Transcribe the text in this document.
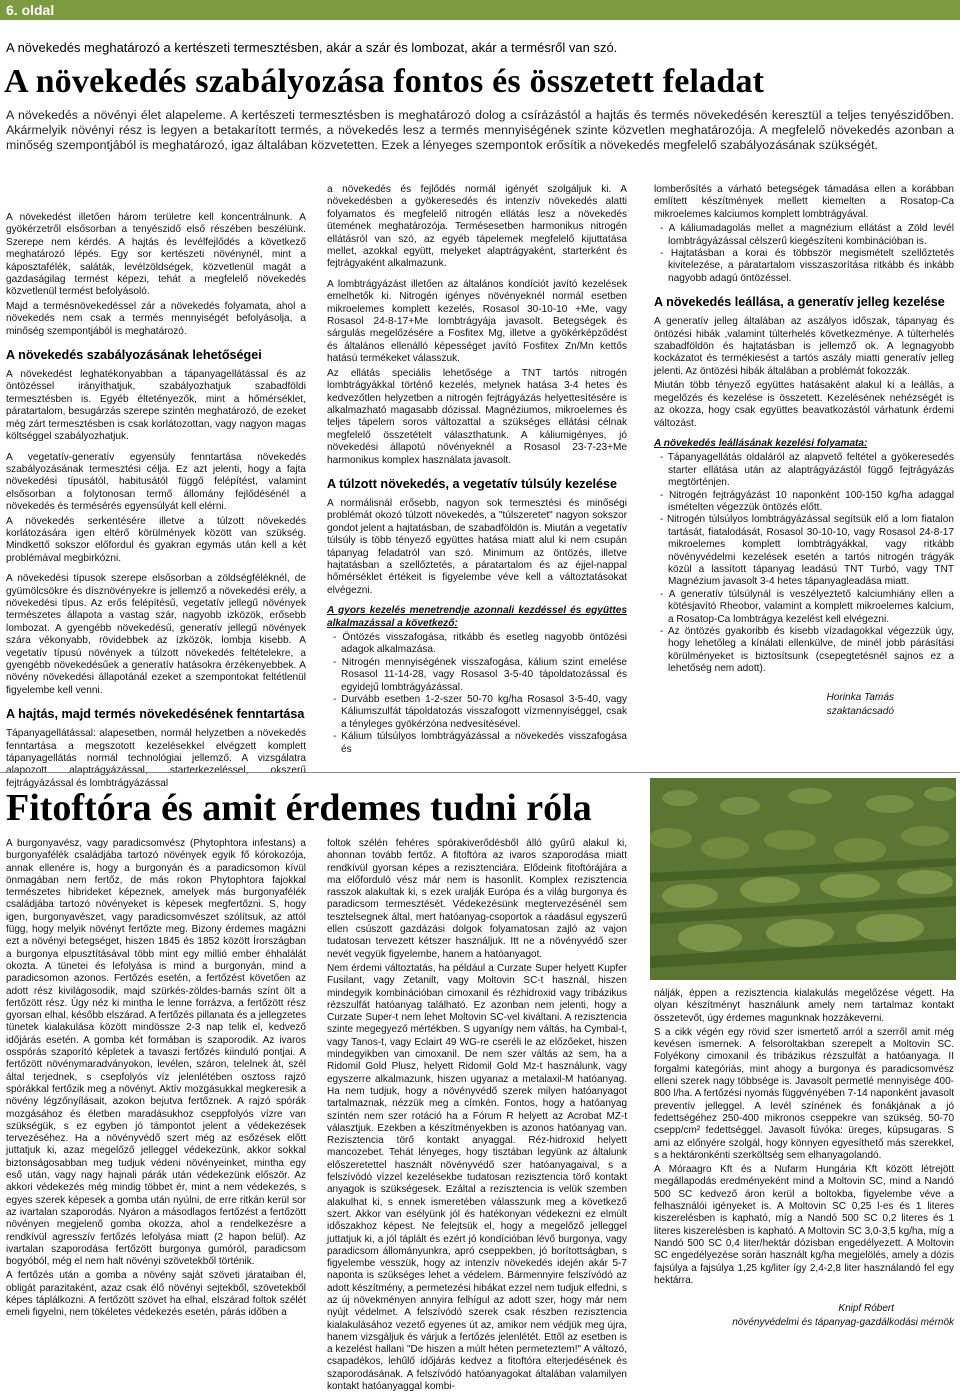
6. oldal
A növekedés meghatározó a kertészeti termesztésben, akár a szár és lombozat, akár a termésről van szó.
A növekedés szabályozása fontos és összetett feladat

A növekedés a növényi élet alapeleme. A kertészeti termesztésben is meghatározó dolog a csírázástól a hajtás és termés növekedésén keresztül a teljes tenyészidőben. Akármelyik növényi rész is legyen a betakarított termés, a növekedés lesz a termés mennyiségének szinte közvetlen meghatározója. A megfelelő növekedés azonban a minőség szempontjából is meghatározó, igaz általában közvetetten. Ezek a lényeges szempontok erősítik a növekedés megfelelő szabályozásának szükségét.

A növekedést illetően három területre kell koncentrálnunk. A gyökérzetről elsősorban a tenyészidő első részében beszélünk. Szerepe nem kérdés. A hajtás és levélfejlődés a következő meghatározó lépés. Egy sor kertészeti növénynél, mint a káposztafélék, saláták, levélzöldségek, közvetlenül magát a gazdaságilag termést képezi, tehát a megfelelő növekedés közvetlenül termést befolyásoló.

Majd a termésnövekedéssel zár a növekedés folyamata, ahol a növekedés nem csak a termés mennyiségét befolyásolja, a minőség szempontjából is meghatározó.

A növekedés szabályozásának lehetőségei

A növekedést leghatékonyabban a tápanyagellátással és az öntözéssel irányíthatjuk, szabályozhatjuk szabadföldi termesztésben is. Egyéb éltetényezők, mint a hőmérséklet, páratartalom, besugárzás szerepe szintén meghatározó, de ezeket még zárt termesztésben is csak korlátozottan, vagy nagyon magas költséggel szabályozhatjuk.

A vegetatív-generatív egyensúly fenntartása növekedés szabályozásának termesztési célja. Ez azt jelenti, hogy a fajta növekedési típusától, habitusától függő felépítést, valamint elsősorban a folytonosan termő állomány fejlődésénél a növekedés és termésérés egyensúlyát kell elérni.

A növekedés serkentésére illetve a túlzott növekedés korlátozására igen eltérő körülmények között van szükség. Mindkettő sokszor előfordul és gyakran egymás után kell a két problémával megbirkózni.

A növekedési típusok szerepe elsősorban a zöldségféléknél, de gyümölcsökre és dísznövényekre is jellemző a növekedési erély, a növekedési típus. Az erős felépítésű, vegetatív jellegű növények természetes állapota a vastag szár, nagyobb izközök, erősebb lombozat. A gyengébb növekedésű, generatív jellegű növények szára vékonyabb, rövidebbek az ízközök, lombja kisebb. A vegetatív típusú növények a túlzott növekedés feltételekre, a gyengébb növekedésűek a generatív hatásokra érzékenyebbek. A növény növekedési állapotánál ezeket a szempontokat feltétlenül figyelembe kell venni.

A hajtás, majd termés növekedésének fenntartása

Tápanyagellátással: alapesetben, normál helyzetben a növekedés fenntartása a megszotott kezelésekkel elvégzett komplett tápanyagellátás normál technológiai jellemző. A vizsgálatra alapozott alaptrágyázással, starterkezeléssel, okszerű fejtrágyázással és lombtrágyázással

a növekedés és fejlődés normál igényét szolgáljuk ki. A növekedésben a gyökeresedés és intenzív növekedés alatti folyamatos és megfelelő nitrogén ellátás lesz a növekedés ütemének meghatározója. Termésesetben harmonikus nitrogén ellátásról van szó, az egyéb tápelemek megfelelő kijuttatása mellet, azokkal együtt, melyeket alaptrágyaként, starterként és fejtrágyaként alkalmazunk.

A lombtrágyázást illetően az általános kondíciót javító kezelések emelhetők ki. Nitrogén igényes növényeknél normál esetben mikroelemes komplett kezelés, Rosasol 30-10-10 +Me, vagy Rosasol 24-8-17+Me lombtrágyája javasolt. Betegségek és sárgulás megelőzésére a Fosfitex Mg, illetve a gyökérképződést és általános ellenálló képességet javító Fosfitex Zn/Mn kettős hatású termékeket válasszuk.

Az ellátás speciális lehetősége a TNT tartós nitrogén lombtrágyákkal történő kezelés, melynek hatása 3-4 hetes és kedvezőtlen helyzetben a nitrogén fejtrágyázás helyettesítésére is alkalmazható magasabb dózissal. Magnéziumos, mikroelemes és teljes tápelem soros változattal a szükséges ellátási célnak megfelelő összetételt választhatunk. A káliumigényes, jó növekedési állapotú növényeknél a Rosasol 23-7-23+Me harmonikus komplex használata javasolt.

A túlzott növekedés, a vegetatív túlsúly kezelése

A normálisnál erősebb, nagyon sok termesztési és minőségi problémát okozó túlzott növekedés, a "túlszeretet" nagyon sokszor gondot jelent a hajtatásban, de szabadföldön is. Miután a vegetatív túlsúly is több tényező együttes hatása miatt alul ki nem csupán tápanyag feladatról van szó. Minimum az öntözés, illetve hajtatásban a szellőztetés, a páratartalom és az éjjel-nappal hőmérséklet értékeit is figyelembe véve kell a változtatásokat elvégezni.

A gyors kezelés menetrendje azonnali kezdéssel és együttes alkalmazással a következő:

- Öntözés visszafogása, ritkább és esetleg nagyobb öntözési adagok alkalmazása.
- Nitrogén mennyiségének visszafogása, kálium szint emelése Rosasol 11-14-28, vagy Rosasol 3-5-40 tápoldatozással és egyidejű lombtrágyázással.
- Durvább esetben 1-2-szer 50-70 kg/ha Rosasol 3-5-40, vagy Káliumszulfát tápoldatozás visszafogott vízmennyiséggel, csak a tényleges gyökérzóna nedvesítésével.
- Kálium túlsúlyos lombtrágyázással a növekedés visszafogása és

lomberősítés a várható betegségek támadása ellen a korábban említett készítmények mellett kiemelten a Rosatop-Ca mikroelemes kalciumos komplett lombtrágyával.

- A káliumadagolás mellet a magnézium ellátást a Zöld levél lombtrágyázással célszerű kiegészíteni kombinációban is.
- Hajtatásban a korai és többször megismételt szellőztetés kivitelezése, a páratartalom visszaszorítása ritkább és inkább nagyobb adagú öntözéssel.
A növekedés leállása, a generatív jelleg kezelése

A generatív jelleg általában az aszályos időszak, tápanyag és öntözési hibák ,valamint túlterhelés következménye. A túlterhelés szabadföldön és hajtatásban is jellemző ok. A legnagyobb kockázatot és termékiesést a tartós aszály miatti generatív jelleg jelenti. Az öntözési hibák általában a problémát fokozzák.

Miután több tényező együttes hatásaként alakul ki a leállás, a megelőzés és kezelése is összetett. Kezelésének nehézségét is az okozza, hogy csak együttes beavatkozástól várhatunk érdemi változást.

A növekedés leállásának kezelési folyamata:

- Tápanyagellátás oldaláról az alapvető feltétel a gyökeresedés starter ellátása után az alaptrágyázástól függő fejtrágyázás megtörténjen.
- Nitrogén fejtrágyázást 10 naponként 100-150 kg/ha adaggal ismételten végezzük öntözés előtt.
- Nitrogén túlsúlyos lombtrágyázással segítsük elő a lom fiatalon tartását, fiatalodását, Rosasol 30-10-10, vagy Rosasol 24-8-17 mikroelemes komplett lombtrágyákkal, vagy ritkább növényvédelmi kezelések esetén a tartós nitrogén trágyák közül a lassított tápanyag leadású TNT Turbó, vagy TNT Magnézium javasolt 3-4 hetes tápanyagleadása miatt.
- A generatív túlsúlynál is veszélyeztető kalciumhiány ellen a kötésjavító Rheobor, valamint a komplett mikroelemes kalcium, a Rosatop-Ca lombtrágya kezelést kell elvégezni.
- Az öntözés gyakoribb és kisebb vízadagokkal végezzük úgy, hogy lehetőleg a kínálati ellenkülve, de minél jobb párásítási körülményeket is biztosítsunk (csepegtetésnél sajnos ez a lehetőség nem adott).

Horinka Tamás

szaktanácsadó

Fitoftóra és amit érdemes tudni róla

A burgonyavész, vagy paradicsomvész (Phytophtora infestans) a burgonyafélék családjába tartozó növények egyik fő kórokozója, annak ellenére is, hogy a burgonyán és a paradicsomon kívül önmagában nem fertőz, de más rokon Phytophtora fajokkal természetes hibrideket képeznek, amelyek más burgonyafélék családjába tartozó növényeket is képesek megfertőzni. S, hogy igen, burgonyavészet, vagy paradicsomvészet szólítsuk, az attól függ, hogy melyik növényt fertőzte meg. Bizony érdemes magázni ezt a növényi betegséget, hiszen 1845 és 1852 között Írországban a burgonya elpusztításával több mint egy millió ember éhhalálát okozta. A tünetei és lefolyása is mind a burgonyán, mind a paradicsomon azonos. Fertőzés esetén, a fertőzést követően az adott rész kivilágosodik, majd szürkés-zöldes-barnás színt ölt a fertőzött rész. Úgy néz ki mintha le lenne forrázva, a fertőzött rész gyorsan elhal, később elszárad. A fertőzés pillanata és a jellegzetes tünetek kialakulása között mindössze 2-3 nap telik el, kedvező időjárás esetén. A gomba két formában is szaporodik. Az ivaros osspórás szaporító képletek a tavaszi fertőzés kiinduló pontjai. A fertőzött növénymaradványokon, levélen, száron, telelnek át, szél által terjednek, s csepfolyós víz jelenlétében osztoss rajzó spórákkal fertőzik meg a növényt. Aktív mozgásukkal megkeresik a növény légzőnyílásait, azokon bejutva fertőznek. A rajzó spórák mozgásához és életben maradásukhoz cseppfolyós vízre van szükségük, s ez egyben jó támpontot jelent a védekezések tervezéséhez. Ha a növényvédő szert még az esőzések előtt juttatjuk ki, azaz megelőző jelleggel védekezünk, akkor sokkal biztonságosabban meg tudjuk védeni növényeinket, mintha egy eső után, vagy nagy hajnali párák után védekezünk először. Az akkori védekezés még mindig többet ér, mint a nem védekezés, s egyes szerek képesek a gomba után nyúlni, de erre ritkán kerül sor az ivartalan szaporodás. Nyáron a másodlagos fertőzést a fertőzött növényen megjelenő gomba okozza, ahol a rendelkezésre a rendkívül agresszív fertőzés lefolyása miatt (2 hapon belül). Az ivartalan szaporodása fertőzött burgonya gumóról, paradicsom bogyóból, még el nem halt növényi szövetekből történik.

A fertőzés után a gomba a növény saját szöveti járataiban él, obligát parazitaként, azaz csak élő növényi sejtekből, szövetekből képes táplálkozni. A fertőzött szövet ha elhal, elszárad foltok szélét emeli figyelni, nem tökéletes védekezés esetén, párás időben a

foltok szélén fehéres spórakiverődésből álló gyűrű alakul ki, ahonnan tovább fertőz. A fitoftóra az ivaros szaporodása miatt rendkívül gyorsan képes a rezisztenciára. Elődeink fitoftórájára a ma előforduló vész már nem is hasonlít. Komplex rezisztencia rasszok alakultak ki, s ezek uralják Európa és a világ burgonya és paradicsom termesztését. Védekezésünk megtervezésénél sem tesztelsegnek által, mert hatóanyag-csoportok a ráadásul egyszerű ellen csúszott gazdázási dolgok folyamatosan zajló az vajon tudatosan tervezett kétszer használjuk. Itt ne a növényvédő szer nevét vegyük figyelembe, hanem a hatóanyagot.

Nem érdemi változtatás, ha például a Curzate Super helyett Kupfer Fusilant, vagy Zetanilt, vagy Moltovin SC-t használ, hiszen mindegyik kombinációban cimoxanil és rézhidroxid vagy tribázikus rézszulfát hatóanyag található. Ez azonban nem jelenti, hogy a Curzate Super-t nem lehet Moltovin SC-vel kiváltani. A rezisztencia szinte megegyező mértékben. S ugyanígy nem váltás, ha Cymbal-t, vagy Tanos-t, vagy Eclairt 49 WG-re cseréli le az előzőeket, hiszen mindegyikben van cimoxanil. De nem szer váltás az sem, ha a Ridomil Gold Plusz, helyett Ridomil Gold Mz-t használunk, vagy egyszerre alkalmazunk, hiszen ugyanaz a metalaxil-M hatóanyag. Ha nem tudjuk, hogy a növényvédő szerek milyen hatóanyagot tartalmaznak, nézzük meg a címkén. Fontos, hogy a hatóanyag színtén nem szer rotáció ha a Fórum R helyett az Acrobat MZ-t választjuk. Ezekben a készítményekben is azonos hatóanyag van. Rezisztencia törő kontakt anyaggal. Réz-hidroxid helyett mancozebet. Tehát lényeges, hogy tisztában legyünk az általunk előszeretettel használt növényvédő szer hatóanyagaival, s a felszívódó vízzel kezelésekbe tudatosan rezisztencia törő kontakt anyagok is szükségesek. Ezáltal a rezisztencia is velük szemben alakulhat ki, s ennek ismeretében válasszunk meg a következő szert. Akkor van esélyünk jól és hatékonyan védekezni ez elmúlt időszakhoz képest. Ne felejtsük el, hogy a megelőző jelleggel juttatjuk ki, a jól táplált és ezért jó kondícióban lévő burgonya, vagy paradicsom állományunkra, apró csepp​ekben, jó borítottságban, s figyelembe vesszük, hogy az intenzív növekedés idején akár 5-7 naponta is szükséges lehet a védelem. Bármennyire felszívódó az adott készítmény, a permetezési hibákat ezzel nem tudjuk elfedni, s az új növekményen annyira felhígul az adott szer, hogy már nem nyújt védelmet. A felszívódó szerek csak részben rezisztencia kialakulásához vezető egyenes út az, amikor nem védjük meg újra, hanem vizsgáljuk és várjuk a fertőzés jelenlétét. Ettől az esetben is a kezelést hallani "De hiszen a múlt héten permeteztem!" A változó, csapadékos, lehűlő időjárás kedvez a fitoftóra elterjedésének és szaporodásának. A felszívódó hatóanyagokat általában valamilyen kontakt hatóanyaggal kombi-

nálják, éppen a rezisztencia kialakulás megelőzése végett. Ha olyan készítményt használunk amely nem tartalmaz kontakt összetevőt, úgy érdemes magunknak hozzákeverni.

S a cikk végén egy rövid szer ismertető arról a szerről amit még kevésen ismernek. A felsoroltakban szerepelt a Moltovin SC. Folyékony cimoxanil és tribázikus rézszulfát a hatóanyaga. II forgalmi kategóriás, mint ahogy a burgonya és paradicsomvész elleni szerek nagy többsége is. Javasolt permetlé mennyisége 400-800 l/ha. A fertőzési nyomás függvényében 7-14 naponként javasolt preventív jelleggel. A levél színének és fonákjának a jó fedettségéhez 250-400 mikronos cseppekre van szükség. 50-70 csepp/cm² fedettséggel. Javasolt fúvóka: üreges, kúpsugaras. S ami az előnyére szolgál, hogy könnyen egyesíthető más szerekkel, s a hektáronkénti szerköltség sem elhanyagolandó.

A Móraagro Kft és a Nufarm Hungária Kft között létrejött megállapodás eredményeként mind a Moltovin SC, mind a Nandó 500 SC kedvező áron kerül a boltokba, figyelembe véve a felhasználói igényeket is. A Moltovin SC 0,25 l-es és 1 literes kiszerelésben is kapható, míg a Nandó 500 SC 0,2 literes és 1 literes kiszerelésben is kapható. A Moltovin SC 3,0-3,5 kg/ha, míg a Nandó 500 SC 0,4 liter/hektár dózisban engedélyezett. A Moltovin SC engedélyezése során használt kg/ha megjelölés, amely a dózis fajsúlya a fajsúlya 1,25 kg/liter így 2,4-2,8 liter használandó fel egy hektárra.

Knipf Róbert

növényvédelmi és tápanyag-gazdálkodási mérnök
